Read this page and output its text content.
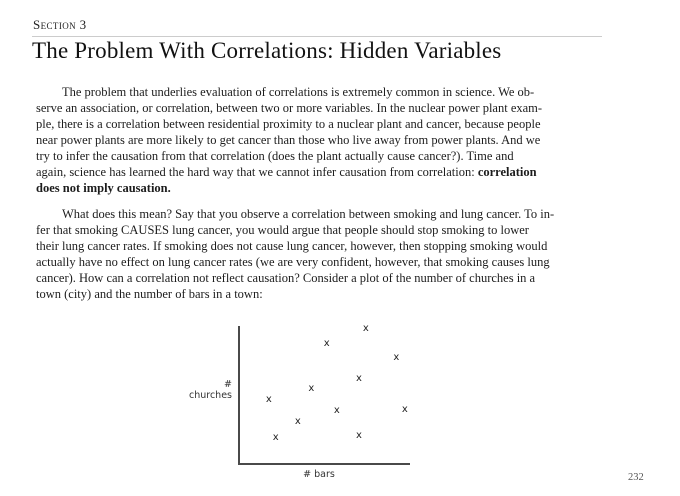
Section 3
The Problem With Correlations: Hidden Variables
The problem that underlies evaluation of correlations is extremely common in science. We ob-
serve an association, or correlation, between two or more variables. In the nuclear power plant exam-
ple, there is a correlation between residential proximity to a nuclear plant and cancer, because people
near power plants are more likely to get cancer than those who live away from power plants. And we
try to infer the causation from that correlation (does the plant actually cause cancer?). Time and
again, science has learned the hard way that we cannot infer causation from correlation: correlation
does not imply causation.
What does this mean? Say that you observe a correlation between smoking and lung cancer. To in-
fer that smoking CAUSES lung cancer, you would argue that people should stop smoking to lower
their lung cancer rates. If smoking does not cause lung cancer, however, then stopping smoking would
actually have no effect on lung cancer rates (we are very confident, however, that smoking causes lung
cancer). How can a correlation not reflect causation? Consider a plot of the number of churches in a
town (city) and the number of bars in a town:
# churches
x
x
x
x
x
x
x
x
x
x
x
# bars	232
